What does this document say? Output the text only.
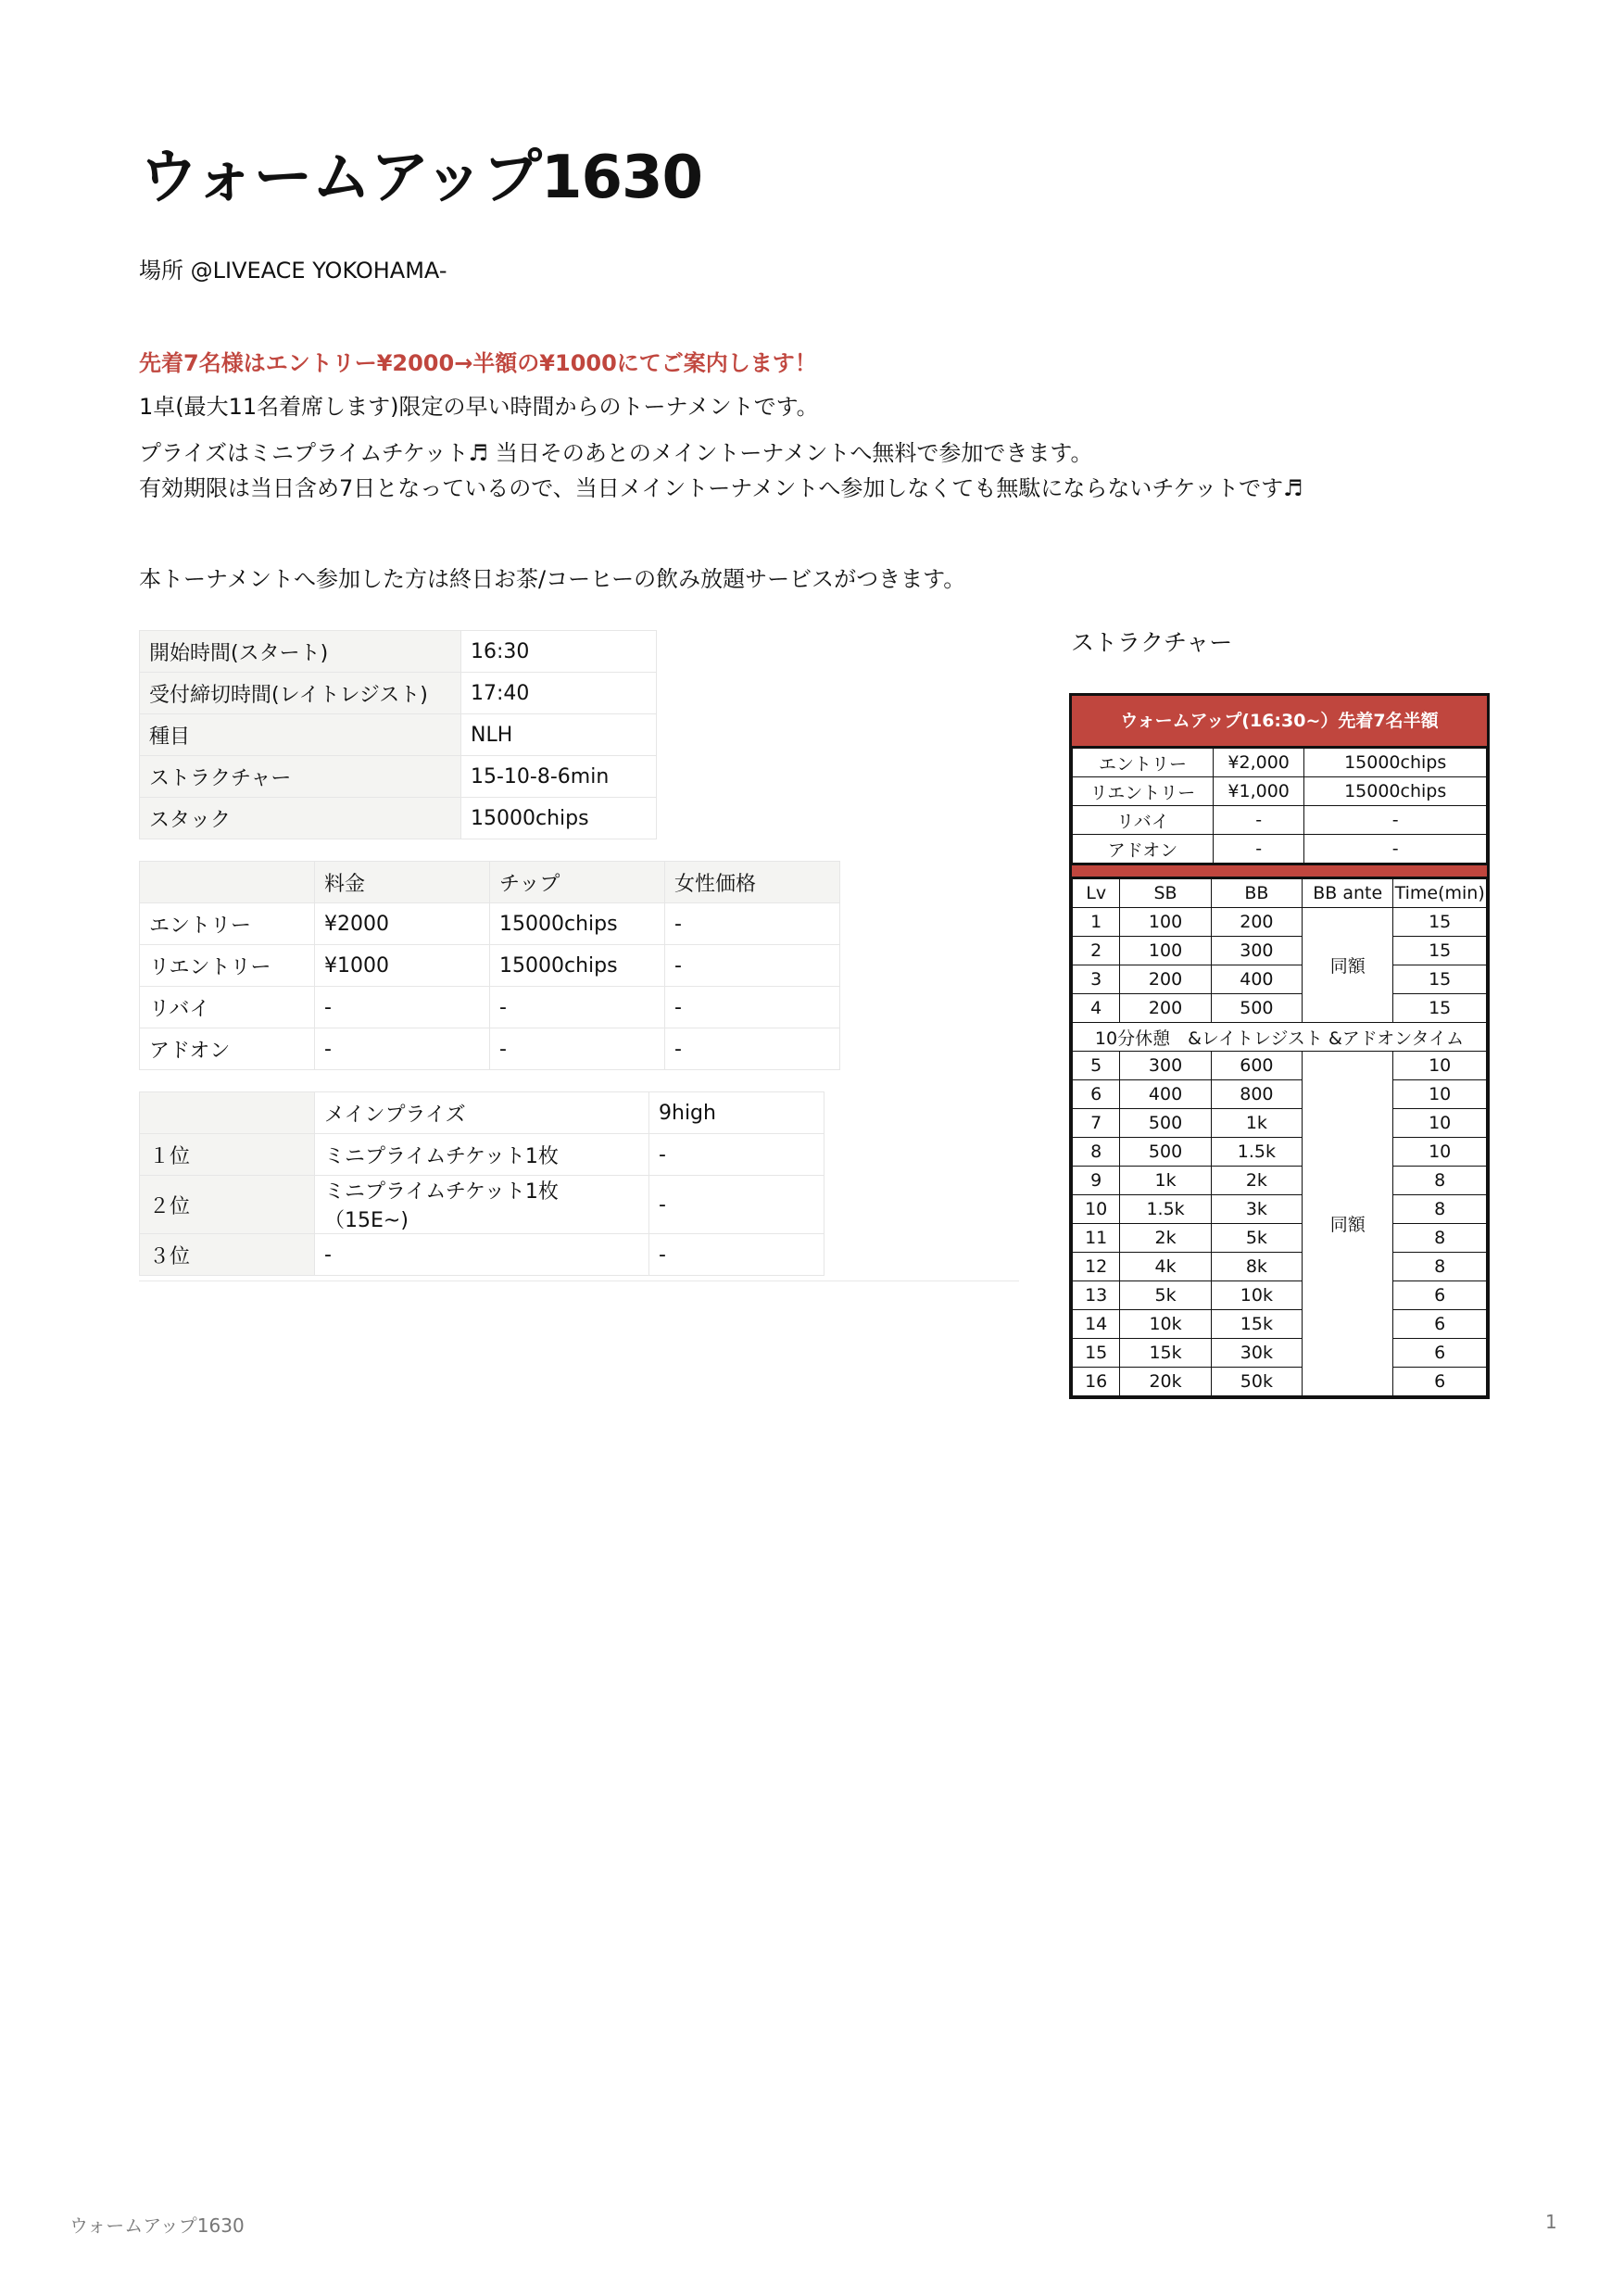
ウォームアップ1630
場所 @LIVEACE YOKOHAMA-
先着7名様はエントリー¥2000→半額の¥1000にてご案内します！
1卓(最大11名着席します)限定の早い時間からのトーナメントです。
プライズはミニプライムチケット♬ 当日そのあとのメイントーナメントへ無料で参加できます。
有効期限は当日含め7日となっているので、当日メイントーナメントへ参加しなくても無駄にならないチケットです♬
本トーナメントへ参加した方は終日お茶/コーヒーの飲み放題サービスがつきます。
開始時間(スタート)	16:30
受付締切時間(レイトレジスト)	17:40
種目	NLH
ストラクチャー	15-10-8-6min
スタック	15000chips
	料金	チップ	女性価格
エントリー	¥2000	15000chips	-
リエントリー	¥1000	15000chips	-
リバイ	-	-	-
アドオン	-	-	-
	メインプライズ	9high
１位	ミニプライムチケット1枚	-
２位	ミニプライムチケット1枚（15E~)	-
３位	-	-
ストラクチャー
ウォームアップ(16:30~）先着7名半額
エントリー	¥2,000	15000chips
リエントリー	¥1,000	15000chips
リバイ	-	-
アドオン	-	-
Lv	SB	BB	BB ante	Time(min)
1	100	200	同額	15
2	100	300		15
3	200	400		15
4	200	500		15
10分休憩　&レイトレジスト &アドオンタイム				
5	300	600	同額	10
6	400	800		10
7	500	1k		10
8	500	1.5k		10
9	1k	2k		8
10	1.5k	3k		8
11	2k	5k		8
12	4k	8k		8
13	5k	10k		6
14	10k	15k		6
15	15k	30k		6
16	20k	50k		6
ウォームアップ1630	1
